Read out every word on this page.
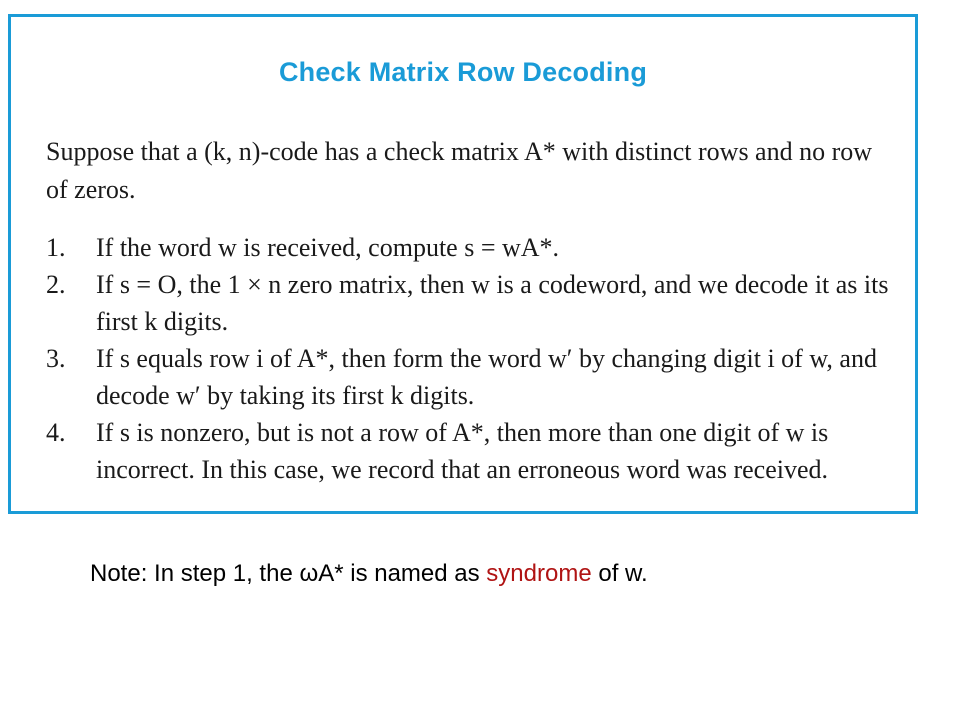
Check Matrix Row Decoding
Suppose that a (k, n)-code has a check matrix A* with distinct rows and no row of zeros.
1. If the word w is received, compute s = wA*.
2. If s = O, the 1 × n zero matrix, then w is a codeword, and we decode it as its first k digits.
3. If s equals row i of A*, then form the word w′ by changing digit i of w, and decode w′ by taking its first k digits.
4. If s is nonzero, but is not a row of A*, then more than one digit of w is incorrect. In this case, we record that an erroneous word was received.
Note: In step 1, the ωA* is named as syndrome of w.
